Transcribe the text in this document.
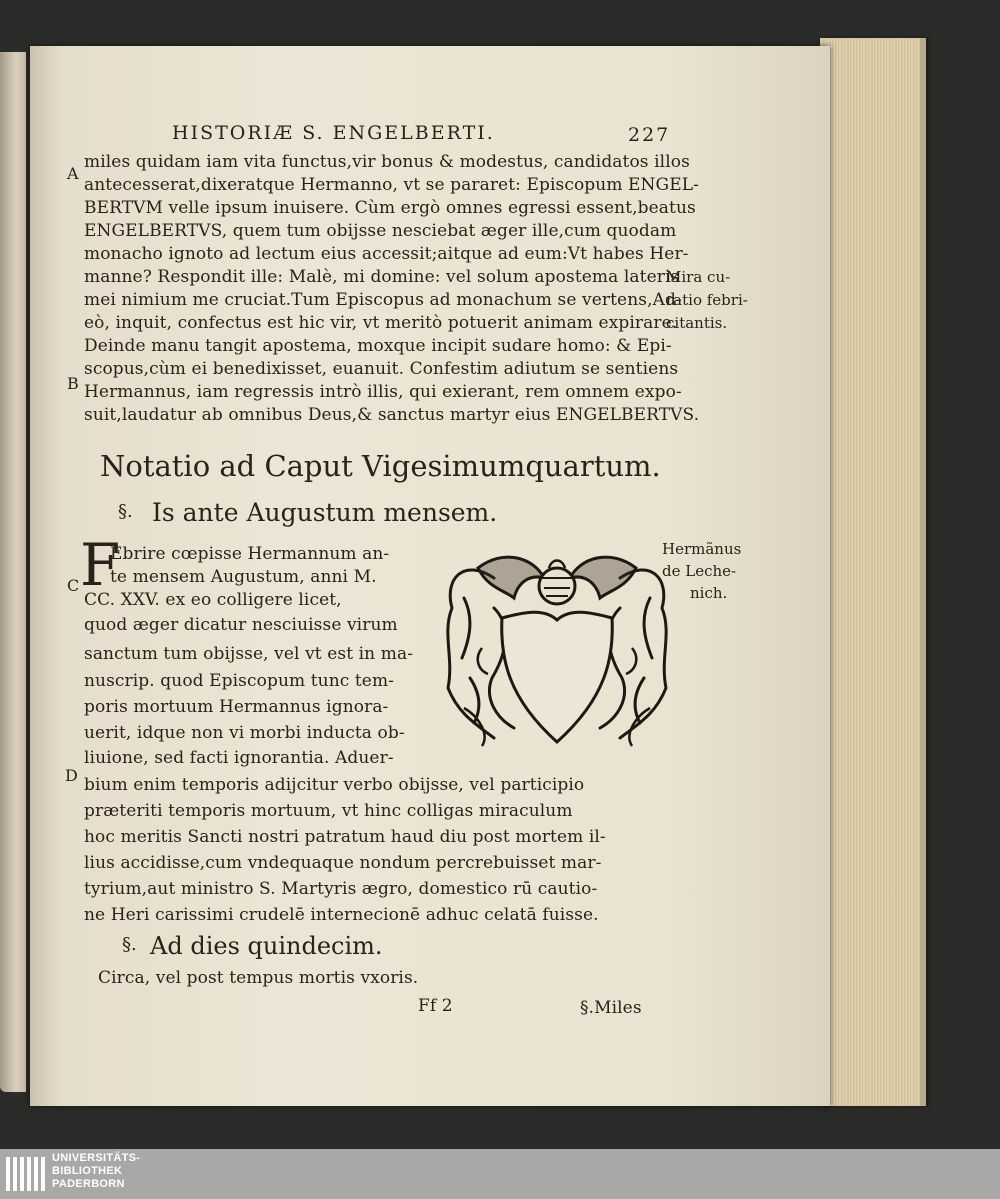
HISTORIÆ S. ENGELBERTI.	227
A
B
C
D
miles quidam iam vita functus,vir bonus & modestus, candidatos illos
antecesserat,dixeratque Hermanno, vt se pararet: Episcopum ENGEL-
BERTVM velle ipsum inuisere. Cùm ergò omnes egressi essent,beatus
ENGELBERTVS, quem tum obijsse nesciebat æger ille,cum quodam
monacho ignoto ad lectum eius accessit;aitque ad eum:Vt habes Her-
manne? Respondit ille: Malè, mi domine: vel solum apostema lateris
mei nimium me cruciat.Tum Episcopus ad monachum se vertens,Ad-
eò, inquit, confectus est hic vir, vt meritò potuerit animam expirare.
Deinde manu tangit apostema, moxque incipit sudare homo: & Epi-
scopus,cùm ei benedixisset, euanuit. Confestim adiutum se sentiens
Hermannus, iam regressis intrò illis, qui exierant, rem omnem expo-
suit,laudatur ab omnibus Deus,& sanctus martyr eius ENGELBERTVS.
Mira cu-
ratio febri-
citantis.
Notatio ad Caput Vigesimumquartum.
§. Is ante Augustum mensem.
F
Ebrire cœpisse Hermannum an-
te mensem Augustum, anni M.
CC. XXV. ex eo colligere licet,
quod æger dicatur nesciuisse virum
sanctum tum obijsse, vel vt est in ma-
nuscrip. quod Episcopum tunc tem-
poris mortuum Hermannus ignora-
uerit, idque non vi morbi inducta ob-
liuione, sed facti ignorantia. Aduer-
bium enim temporis adijcitur verbo obijsse, vel participio
præteriti temporis mortuum, vt hinc colligas miraculum
hoc meritis Sancti nostri patratum haud diu post mortem il-
lius accidisse,cum vndequaque nondum percrebuisset mar-
tyrium,aut ministro S. Martyris ægro, domestico rū cautio-
ne Heri carissimi crudelē internecionē adhuc celatā fuisse.
Hermãnus
de Leche-
nich.
§. Ad dies quindecim.
Circa, vel post tempus mortis vxoris.
Ff 2	§.Miles
UNIVERSITÄTS-
BIBLIOTHEK
PADERBORN
